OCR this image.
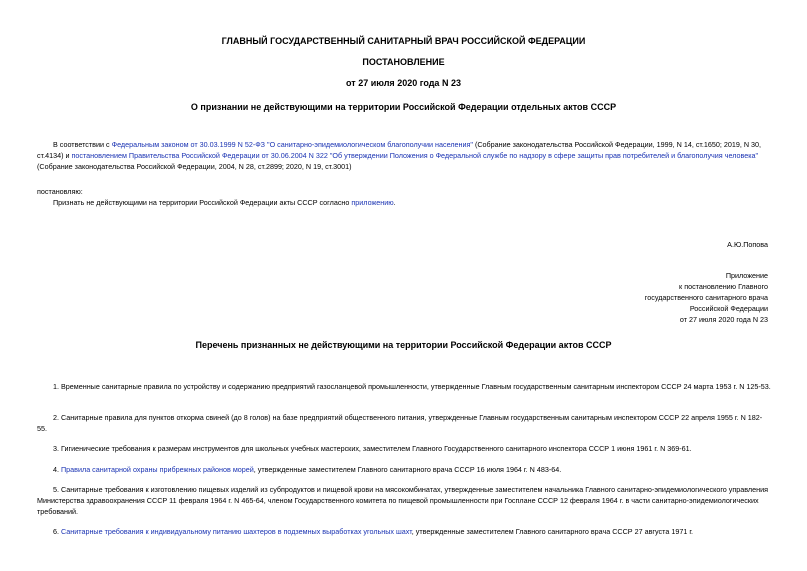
ГЛАВНЫЙ ГОСУДАРСТВЕННЫЙ САНИТАРНЫЙ ВРАЧ РОССИЙСКОЙ ФЕДЕРАЦИИ
ПОСТАНОВЛЕНИЕ
от 27 июля 2020 года N 23
О признании не действующими на территории Российской Федерации отдельных актов СССР
В соответствии с Федеральным законом от 30.03.1999 N 52-ФЗ "О санитарно-эпидемиологическом благополучии населения" (Собрание законодательства Российской Федерации, 1999, N 14, ст.1650; 2019, N 30, ст.4134) и постановлением Правительства Российской Федерации от 30.06.2004 N 322 "Об утверждении Положения о Федеральной службе по надзору в сфере защиты прав потребителей и благополучия человека" (Собрание законодательства Российской Федерации, 2004, N 28, ст.2899; 2020, N 19, ст.3001)
постановляю:
Признать не действующими на территории Российской Федерации акты СССР согласно приложению.
А.Ю.Попова
Приложение
к постановлению Главного
государственного санитарного врача
Российской Федерации
от 27 июля 2020 года N 23
Перечень признанных не действующими на территории Российской Федерации актов СССР
1. Временные санитарные правила по устройству и содержанию предприятий газосланцевой промышленности, утвержденные Главным государственным санитарным инспектором СССР 24 марта 1953 г. N 125-53.
2. Санитарные правила для пунктов откорма свиней (до 8 голов) на базе предприятий общественного питания, утвержденные Главным государственным санитарным инспектором СССР 22 апреля 1955 г. N 182-55.
3. Гигиенические требования к размерам инструментов для школьных учебных мастерских, заместителем Главного Государственного санитарного инспектора СССР 1 июня 1961 г. N 369-61.
4. Правила санитарной охраны прибрежных районов морей, утвержденные заместителем Главного санитарного врача СССР 16 июля 1964 г. N 483-64.
5. Санитарные требования к изготовлению пищевых изделий из субпродуктов и пищевой крови на мясокомбинатах, утвержденные заместителем начальника Главного санитарно-эпидемиологического управления Министерства здравоохранения СССР 11 февраля 1964 г. N 465-64, членом Государственного комитета по пищевой промышленности при Госплане СССР 12 февраля 1964 г. в части санитарно-эпидемиологических требований.
6. Санитарные требования к индивидуальному питанию шахтеров в подземных выработках угольных шахт, утвержденные заместителем Главного санитарного врача СССР 27 августа 1971 г.
